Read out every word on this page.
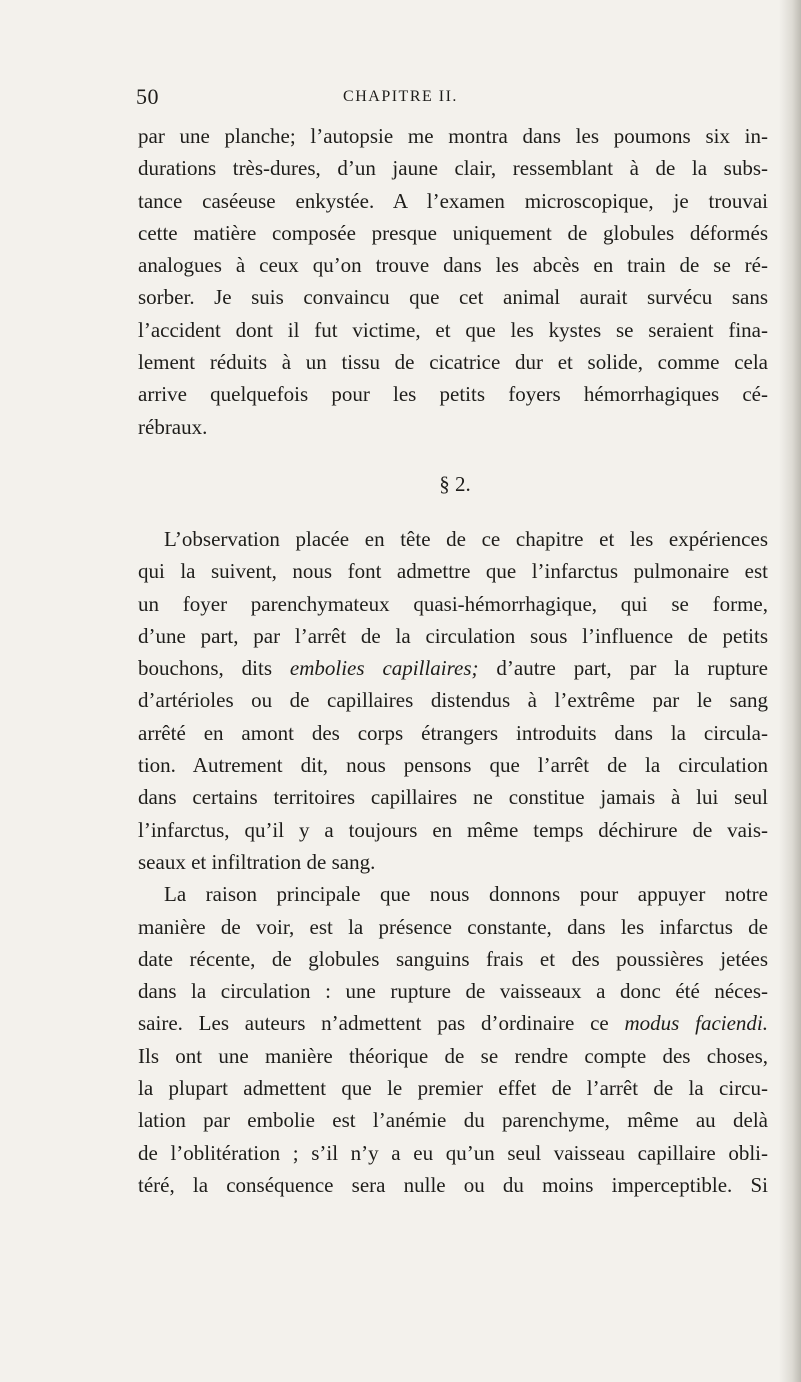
50	CHAPITRE II.
par une planche; l’autopsie me montra dans les poumons six in-
durations très-dures, d’un jaune clair, ressemblant à de la subs-
tance caséeuse enkystée. A l’examen microscopique, je trouvai
cette matière composée presque uniquement de globules déformés
analogues à ceux qu’on trouve dans les abcès en train de se ré-
sorber. Je suis convaincu que cet animal aurait survécu sans
l’accident dont il fut victime, et que les kystes se seraient fina-
lement réduits à un tissu de cicatrice dur et solide, comme cela
arrive quelquefois pour les petits foyers hémorrhagiques cé-
rébraux.
§ 2.
L’observation placée en tête de ce chapitre et les expériences
qui la suivent, nous font admettre que l’infarctus pulmonaire est
un foyer parenchymateux quasi-hémorrhagique, qui se forme,
d’une part, par l’arrêt de la circulation sous l’influence de petits
bouchons, dits embolies capillaires; d’autre part, par la rupture
d’artérioles ou de capillaires distendus à l’extrême par le sang
arrêté en amont des corps étrangers introduits dans la circula-
tion. Autrement dit, nous pensons que l’arrêt de la circulation
dans certains territoires capillaires ne constitue jamais à lui seul
l’infarctus, qu’il y a toujours en même temps déchirure de vais-
seaux et infiltration de sang.
La raison principale que nous donnons pour appuyer notre
manière de voir, est la présence constante, dans les infarctus de
date récente, de globules sanguins frais et des poussières jetées
dans la circulation : une rupture de vaisseaux a donc été néces-
saire. Les auteurs n’admettent pas d’ordinaire ce modus faciendi.
Ils ont une manière théorique de se rendre compte des choses,
la plupart admettent que le premier effet de l’arrêt de la circu-
lation par embolie est l’anémie du parenchyme, même au delà
de l’oblitération ; s’il n’y a eu qu’un seul vaisseau capillaire obli-
téré, la conséquence sera nulle ou du moins imperceptible. Si
